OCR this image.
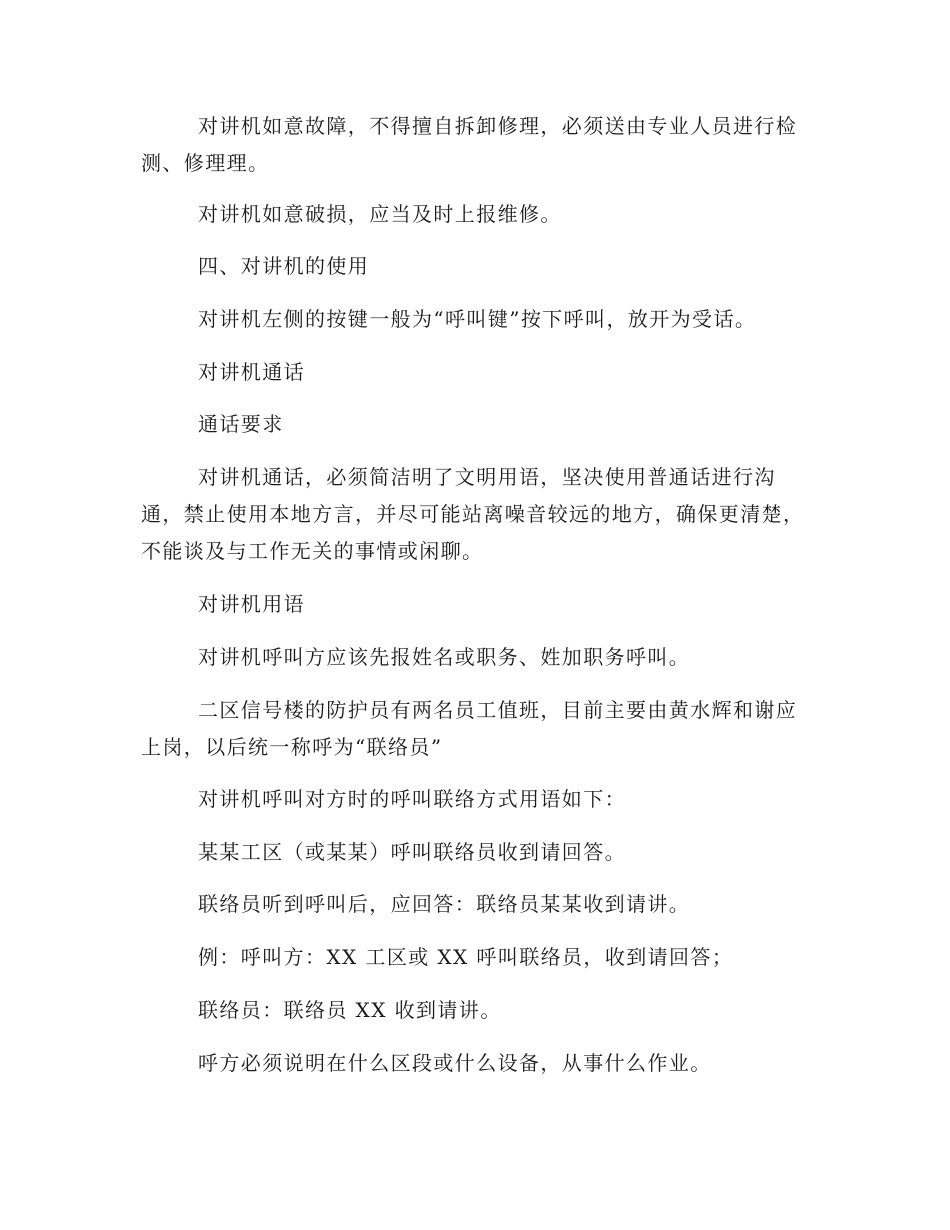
对讲机如意故障，不得擅自拆卸修理，必须送由专业人员进行检测、修理理。

对讲机如意破损，应当及时上报维修。

四、对讲机的使用

对讲机左侧的按键一般为“呼叫键”按下呼叫，放开为受话。

对讲机通话

通话要求

对讲机通话，必须简洁明了文明用语，坚决使用普通话进行沟通，禁止使用本地方言，并尽可能站离噪音较远的地方，确保更清楚，不能谈及与工作无关的事情或闲聊。

对讲机用语

对讲机呼叫方应该先报姓名或职务、姓加职务呼叫。

二区信号楼的防护员有两名员工值班，目前主要由黄水辉和谢应上岗，以后统一称呼为“联络员”

对讲机呼叫对方时的呼叫联络方式用语如下：

某某工区（或某某）呼叫联络员收到请回答。

联络员听到呼叫后，应回答：联络员某某收到请讲。

例：呼叫方：XX 工区或 XX 呼叫联络员，收到请回答；

联络员：联络员 XX 收到请讲。

呼方必须说明在什么区段或什么设备，从事什么作业。
